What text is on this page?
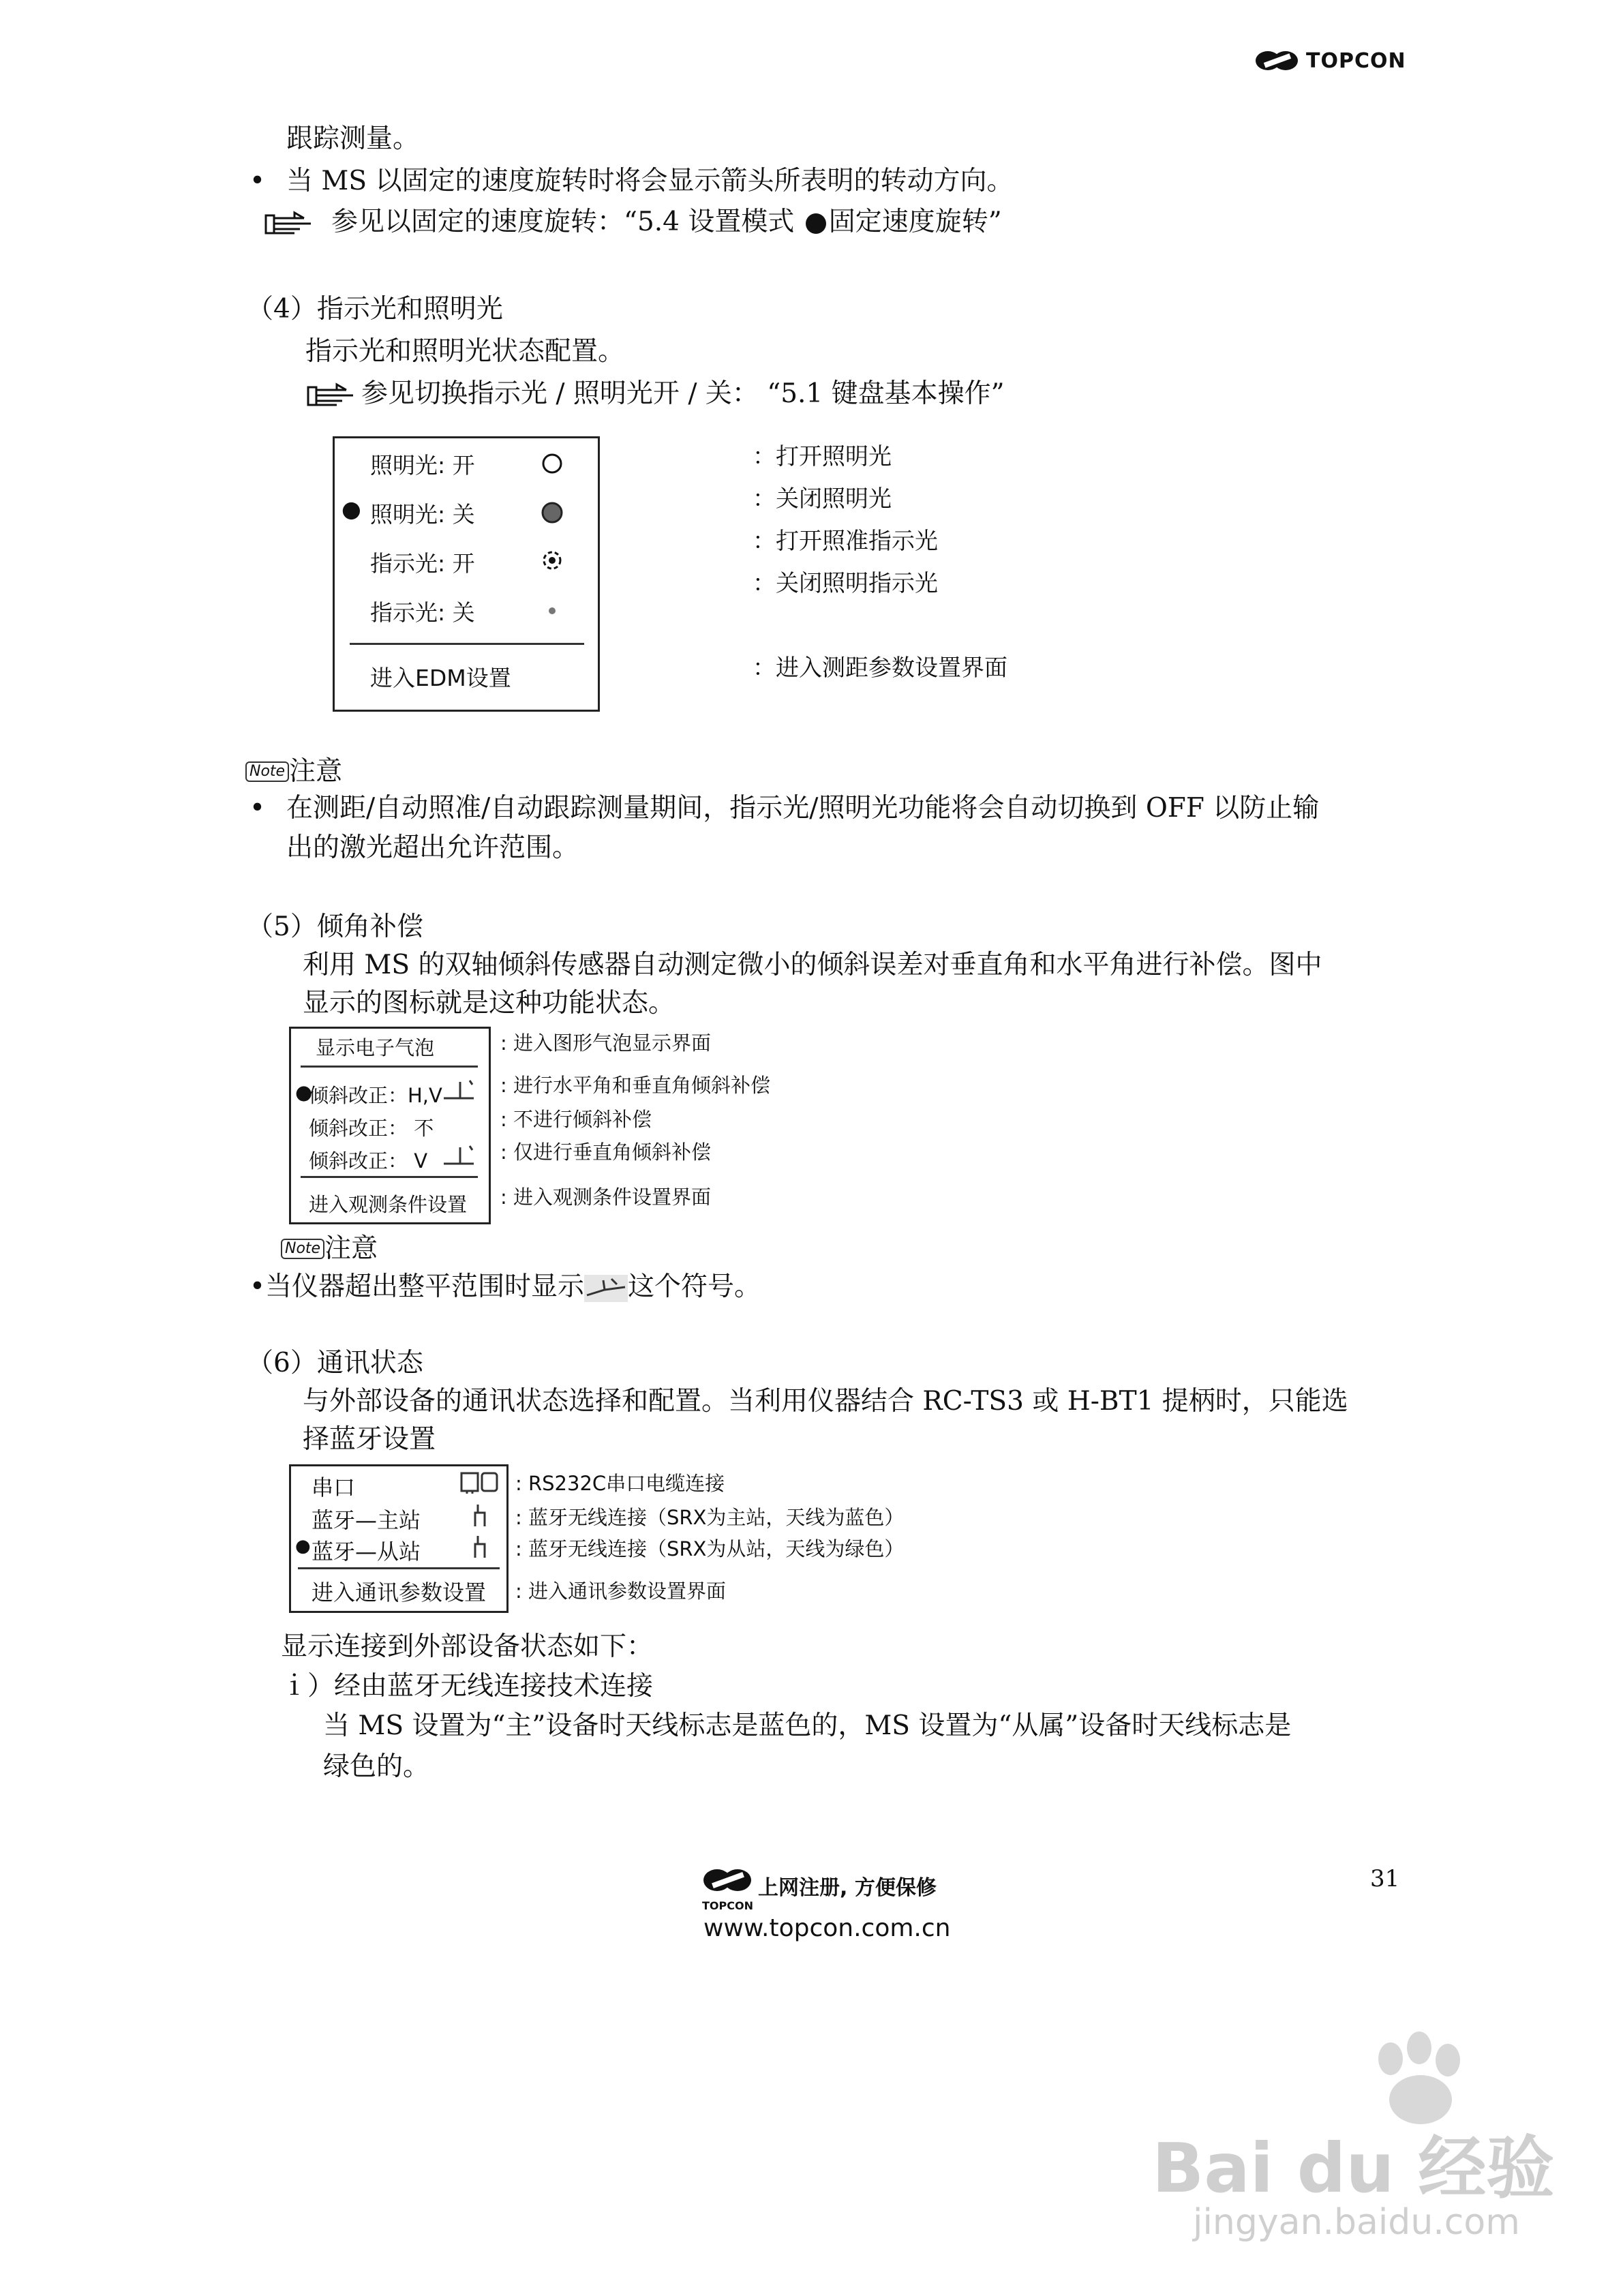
TOPCON
跟踪测量。
• 当 MS 以固定的速度旋转时将会显示箭头所表明的转动方向。
参见以固定的速度旋转：“5.4 设置模式 固定速度旋转”
（4）指示光和照明光
指示光和照明光状态配置。
参见切换指示光 / 照明光开 / 关： “5.1 键盘基本操作”
照明光: 开
● 照明光: 关
指示光: 开
指示光: 关
进入EDM设置
：打开照明光
：关闭照明光
：打开照准指示光
：关闭照明指示光
：进入测距参数设置界面
Note 注意
• 在测距/自动照准/自动跟踪测量期间，指示光/照明光功能将会自动切换到 OFF 以防止输
出的激光超出允许范围。
（5）倾角补偿
利用 MS 的双轴倾斜传感器自动测定微小的倾斜误差对垂直角和水平角进行补偿。图中
显示的图标就是这种功能状态。
显示电子气泡
●
倾斜改正：H,V
倾斜改正： 不
倾斜改正： V
进入观测条件设置
: 进入图形气泡显示界面
: 进行水平角和垂直角倾斜补偿
: 不进行倾斜补偿
: 仅进行垂直角倾斜补偿
: 进入观测条件设置界面
Note 注意
•当仪器超出整平范围时显示 这个符号。
（6）通讯状态
与外部设备的通讯状态选择和配置。当利用仪器结合 RC-TS3 或 H-BT1 提柄时，只能选
择蓝牙设置
串口
蓝牙—主站
● 蓝牙—从站
进入通讯参数设置
: RS232C串口电缆连接
: 蓝牙无线连接（SRX为主站，天线为蓝色）
: 蓝牙无线连接（SRX为从站，天线为绿色）
: 进入通讯参数设置界面
显示连接到外部设备状态如下：
ｉ）经由蓝牙无线连接技术连接
当 MS 设置为“主”设备时天线标志是蓝色的，MS 设置为“从属”设备时天线标志是
绿色的。
31
上网注册, 方便保修
TOPCON
www.topcon.com.cn
Bai du 经验
jingyan.baidu.com
